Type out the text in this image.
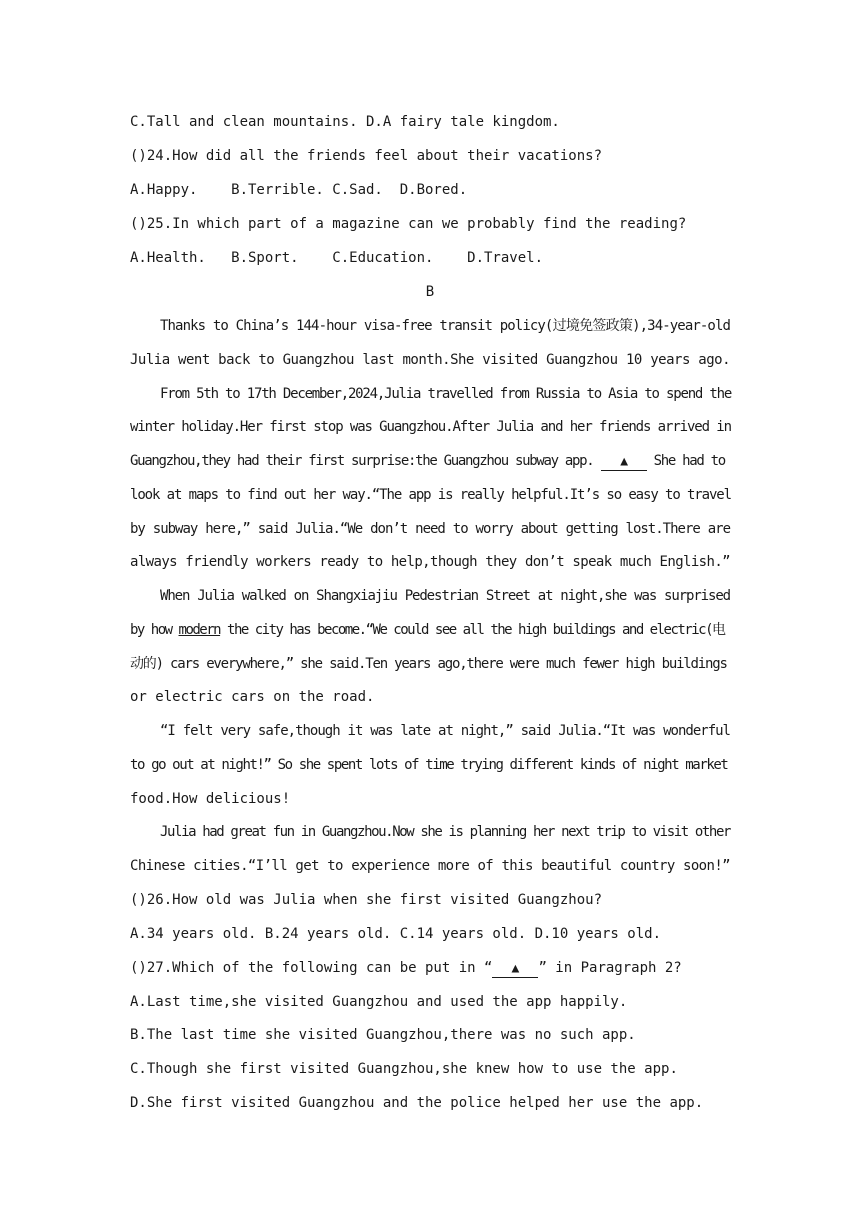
C.Tall and clean mountains. D.A fairy tale kingdom.
()24.How did all the friends feel about their vacations?
A.Happy.    B.Terrible. C.Sad.  D.Bored.
()25.In which part of a magazine can we probably find the reading?
A.Health.   B.Sport.    C.Education.    D.Travel.
B
Thanks to China’s 144-hour visa-free transit policy(过境免签政策),34-year-old
Julia went back to Guangzhou last month.She visited Guangzhou 10 years ago.
From 5th to 17th December,2024,Julia travelled from Russia to Asia to spend the
winter holiday.Her first stop was Guangzhou.After Julia and her friends arrived in
Guangzhou,they had their first surprise:the Guangzhou subway app. ▲ She had to
look at maps to find out her way.“The app is really helpful.It’s so easy to travel
by subway here,” said Julia.“We don’t need to worry about getting lost.There are
always friendly workers ready to help,though they don’t speak much English.”
When Julia walked on Shangxiajiu Pedestrian Street at night,she was surprised
by how modern the city has become.“We could see all the high buildings and electric(电
动的) cars everywhere,” she said.Ten years ago,there were much fewer high buildings
or electric cars on the road.
“I felt very safe,though it was late at night,” said Julia.“It was wonderful
to go out at night!” So she spent lots of time trying different kinds of night market
food.How delicious!
Julia had great fun in Guangzhou.Now she is planning her next trip to visit other
Chinese cities.“I’ll get to experience more of this beautiful country soon!”
()26.How old was Julia when she first visited Guangzhou?
A.34 years old. B.24 years old. C.14 years old. D.10 years old.
()27.Which of the following can be put in “ ▲ ” in Paragraph 2?
A.Last time,she visited Guangzhou and used the app happily.
B.The last time she visited Guangzhou,there was no such app.
C.Though she first visited Guangzhou,she knew how to use the app.
D.She first visited Guangzhou and the police helped her use the app.
